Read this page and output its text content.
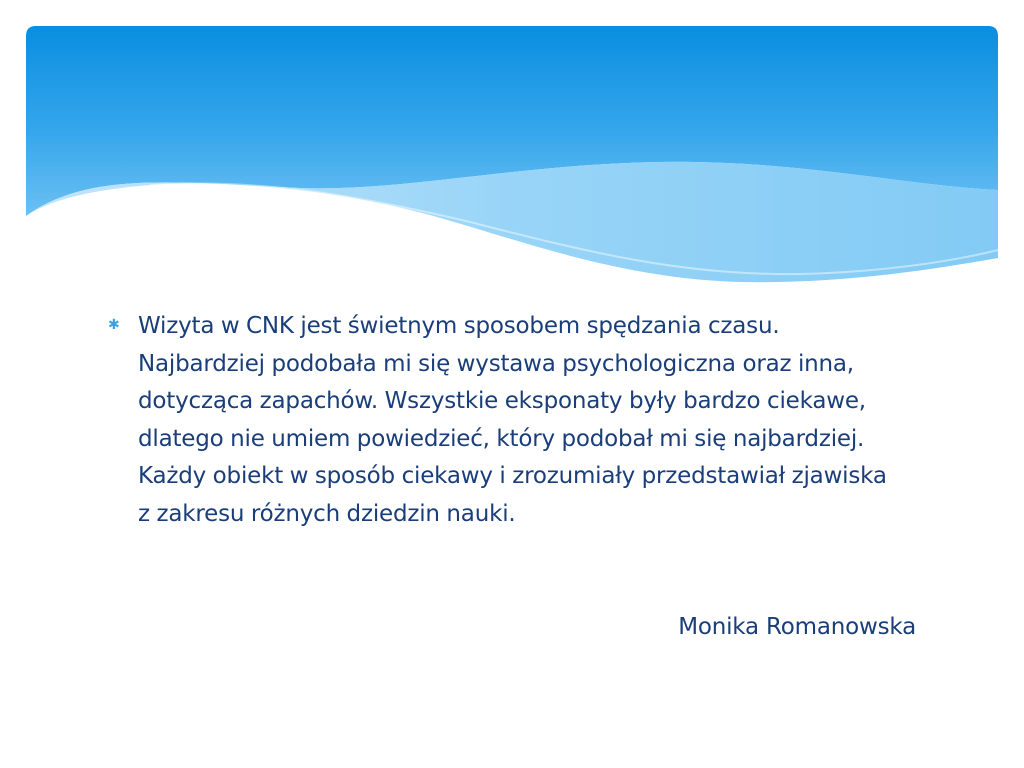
✱ Wizyta w CNK jest świetnym sposobem spędzania czasu. Najbardziej podobała mi się wystawa psychologiczna oraz inna, dotycząca zapachów. Wszystkie eksponaty były bardzo ciekawe, dlatego nie umiem powiedzieć, który podobał mi się najbardziej. Każdy obiekt w sposób ciekawy i zrozumiały przedstawiał zjawiska z zakresu różnych dziedzin nauki.
Monika Romanowska
